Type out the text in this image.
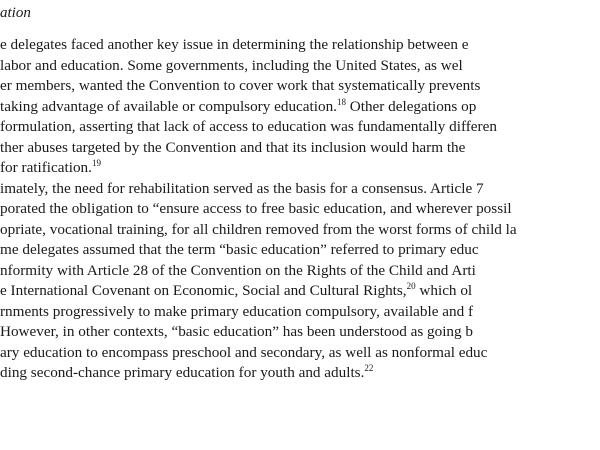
ation
e delegates faced another key issue in determining the relationship between e
labor and education. Some governments, including the United States, as wel
er members, wanted the Convention to cover work that systematically prevents
taking advantage of available or compulsory education.$^{18}$ Other delegations op
formulation, asserting that lack of access to education was fundamentally differen
ther abuses targeted by the Convention and that its inclusion would harm the
for ratification.$^{19}$
imately, the need for rehabilitation served as the basis for a consensus. Article 7
porated the obligation to “ensure access to free basic education, and wherever possil
opriate, vocational training, for all children removed from the worst forms of child la
me delegates assumed that the term “basic education” referred to primary educ
nformity with Article 28 of the Convention on the Rights of the Child and Arti
e International Covenant on Economic, Social and Cultural Rights,$^{20}$ which ol
rnments progressively to make primary education compulsory, available and f
However, in other contexts, “basic education” has been understood as going b
ary education to encompass preschool and secondary, as well as nonformal educ
ding second-chance primary education for youth and adults.$^{22}$
